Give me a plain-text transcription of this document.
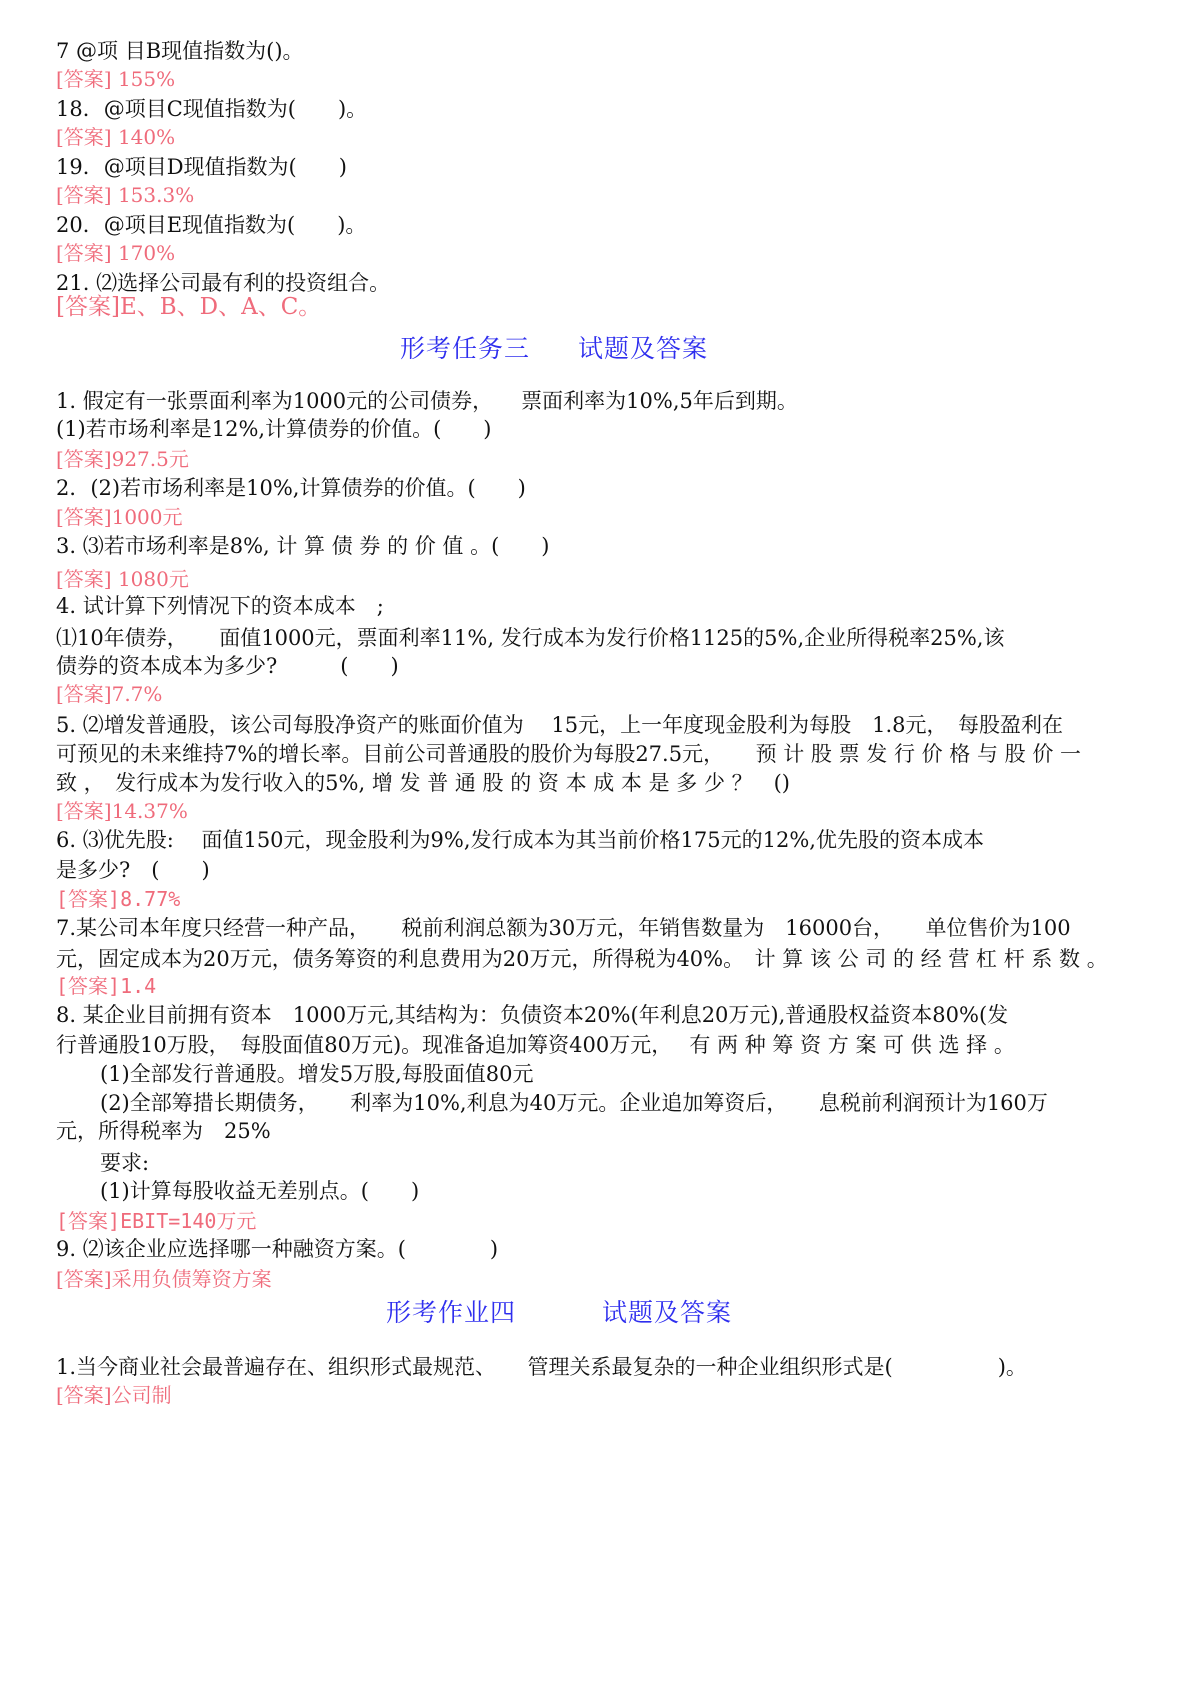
7 @项 目B现值指数为()。

[答案] 155%

18．@项目C现值指数为(　　)。

[答案] 140%

19．@项目D现值指数为(　　)

[答案] 153.3%

20．@项目E现值指数为(　　)。

[答案] 170%

21. ⑵选择公司最有利的投资组合。

[答案]E、B、D、A、C。

形考任务三 试题及答案
1. 假定有一张票面利率为1000元的公司债券， 票面利率为10%,5年后到期。

(1)若市场利率是12%,计算债券的价值。(　　)

[答案]927.5元

2．(2)若市场利率是10%,计算债券的价值。(　　)

[答案]1000元

3. ⑶若市场利率是8%, 计 算 债 券 的 价 值 。(　　)

[答案] 1080元

4. 试计算下列情况下的资本成本　;

⑴10年债券，　　面值1000元，票面利率11%, 发行成本为发行价格1125的5%,企业所得税率25%,该

债券的资本成本为多少?　　　(　　)

[答案]7.7%

5. ⑵增发普通股，该公司每股净资产的账面价值为　 15元，上一年度现金股利为每股　1.8元，　每股盈利在

可预见的未来维持7%的增长率。目前公司普通股的股价为每股27.5元，　　预 计 股 票 发 行 价 格 与 股 价 一

致 ，　发行成本为发行收入的5%, 增 发 普 通 股 的 资 本 成 本 是 多 少 ？　()

[答案]14.37%

6. ⑶优先股:　 面值150元，现金股利为9%,发行成本为其当前价格175元的12%,优先股的资本成本

是多少?　(　　)

[答案]8.77%

7.某公司本年度只经营一种产品，　　税前利润总额为30万元，年销售数量为　16000台，　　单位售价为100

元，固定成本为20万元，债务筹资的利息费用为20万元，所得税为40%。　计 算 该 公 司 的 经 营 杠 杆 系 数 。

[答案]1.4

8. 某企业目前拥有资本　1000万元,其结构为：负债资本20%(年利息20万元),普通股权益资本80%(发

行普通股10万股，　每股面值80万元)。现准备追加筹资400万元，　 有 两 种 筹 资 方 案 可 供 选 择 。

(1)全部发行普通股。增发5万股,每股面值80元

(2)全部筹措长期债务，　　利率为10%,利息为40万元。企业追加筹资后，　　息税前利润预计为160万

元，所得税率为　25%

要求:

(1)计算每股收益无差别点。(　　)

[答案]EBIT=140万元

9. ⑵该企业应选择哪一种融资方案。(　　　　)

[答案]采用负债筹资方案

形考作业四	试题及答案

1.当今商业社会最普遍存在、组织形式最规范、　　管理关系最复杂的一种企业组织形式是(　　　　　)。

[答案]公司制
